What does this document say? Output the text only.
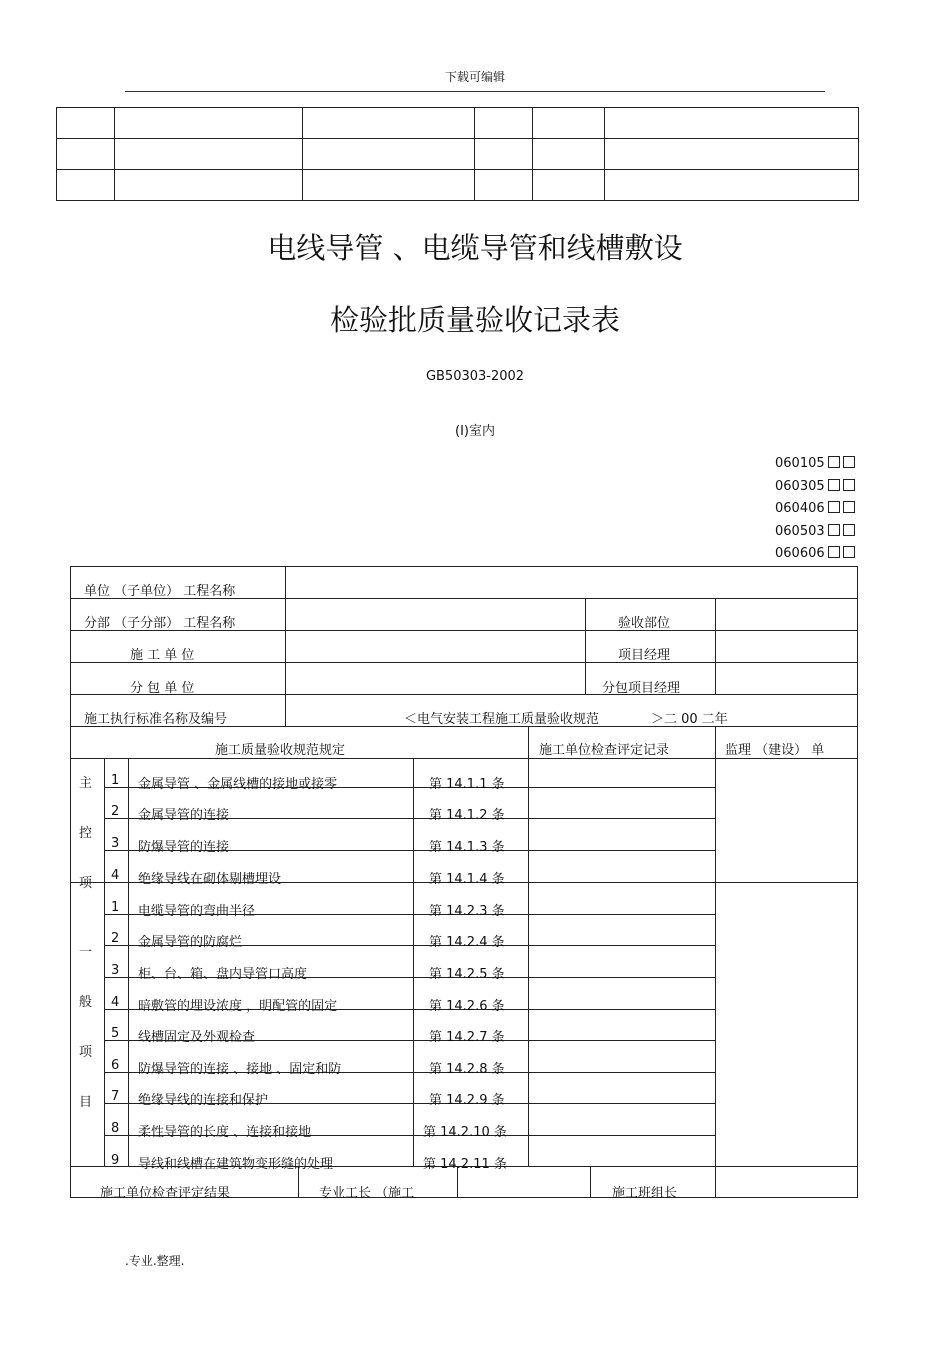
下载可编辑

电线导管 、电缆导管和线槽敷设
检验批质量验收记录表
GB50303-2002
(I)室内
060105
060305
060406
060503
060606
单位 （子单位） 工程名称
分部 （子分部） 工程名称	验收部位
施 工 单 位	项目经理
分 包 单 位	分包项目经理
施工执行标准名称及编号	＜电气安装工程施工质量验收规范	＞二 00 二年
施工质量验收规范规定	施工单位检查评定记录	监理 （建设） 单
主
控
项
一
般
项
目
1 金属导管 、金属线槽的接地或接零	第 14.1.1 条
2 金属导管的连接	第 14.1.2 条
3 防爆导管的连接	第 14.1.3 条
4 绝缘导线在砌体剔槽埋设	第 14.1.4 条
1 电缆导管的弯曲半径	第 14.2.3 条
2 金属导管的防腐烂	第 14.2.4 条
3 柜、台、箱、盘内导管口高度	第 14.2.5 条
4 暗敷管的埋设浓度 ，明配管的固定	第 14.2.6 条
5 线槽固定及外观检查	第 14.2.7 条
6 防爆导管的连接 、接地 、固定和防	第 14.2.8 条
7 绝缘导线的连接和保护	第 14.2.9 条
8 柔性导管的长度 、连接和接地	第 14.2.10 条
9 导线和线槽在建筑物变形缝的处理	第 14.2.11 条
施工单位检查评定结果	专业工长 （施工	施工班组长
.专业.整理.
